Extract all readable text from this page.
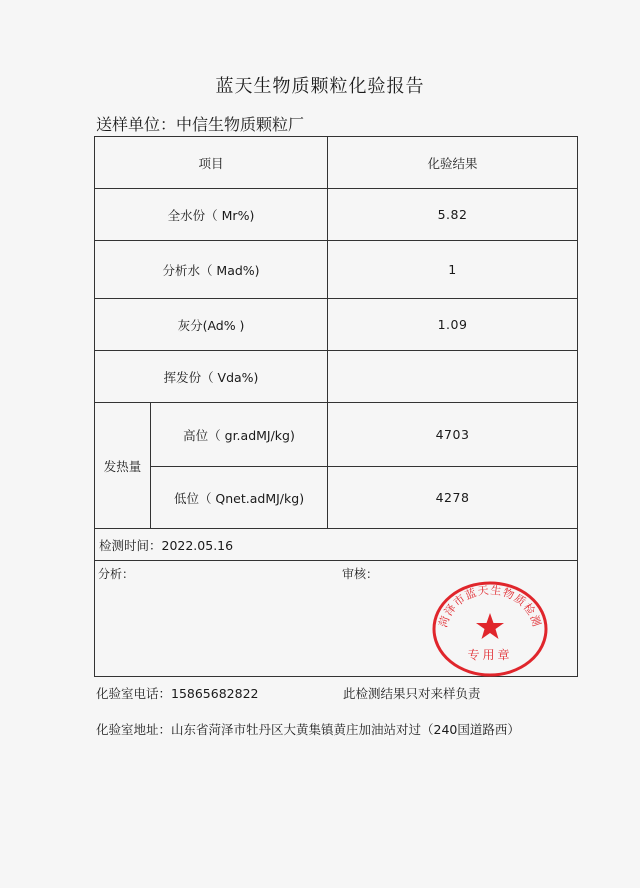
蓝天生物质颗粒化验报告
送样单位：中信生物质颗粒厂
项目		化验结果
全水份（ Mr%)		5.82
分析水（ Mad%)		1
灰分(Ad% )		1.09
挥发份（ Vda%)		
发热量	高位（ gr.adMJ/kg)	4703
	低位（ Qnet.adMJ/kg)	4278
检测时间：2022.05.16		

分析： 审核：
菏泽市蓝天生物质检测
专用章		
化验室电话：15865682822	此检测结果只对来样负责
化验室地址：山东省菏泽市牡丹区大黄集镇黄庄加油站对过（240国道路西）
